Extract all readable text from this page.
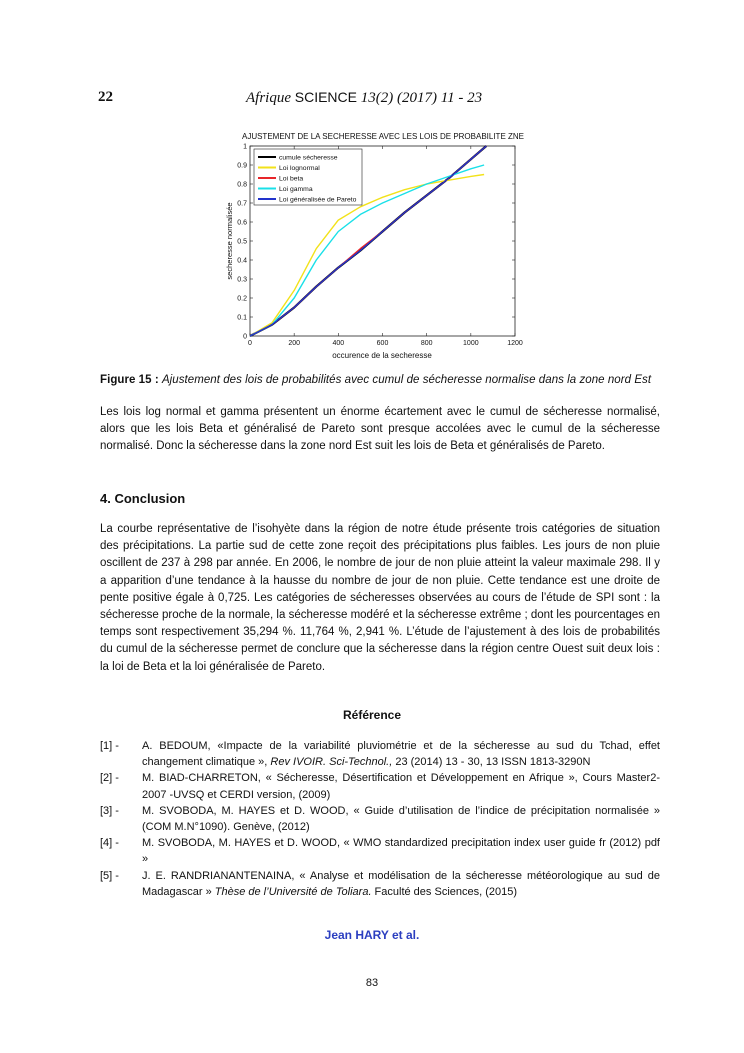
22	Afrique SCIENCE 13(2) (2017) 11 - 23
AJUSTEMENT DE LA SECHERESSE AVEC LES LOIS DE PROBABILITE ZNE
0	200	400	600	800	1000	1200
0
0.1
0.2
0.3
0.4
0.5
0.6
0.7
0.8
0.9
1
cumule sécheresse
Loi lognormal
Loi beta
Loi gamma
Loi généralisée de Pareto
occurence de la secheresse
secheresse normalisée
Figure 15 : Ajustement des lois de probabilités avec cumul de sécheresse normalise dans la zone nord Est

Les lois log normal et gamma présentent un énorme écartement avec le cumul de sécheresse normalisé, alors que les lois Beta et généralisé de Pareto sont presque accolées avec le cumul de la sécheresse normalisé. Donc la sécheresse dans la zone nord Est suit les lois de Beta et généralisés de Pareto.

4. Conclusion

La courbe représentative de l’isohyète dans la région de notre étude présente trois catégories de situation des précipitations. La partie sud de cette zone reçoit des précipitations plus faibles. Les jours de non pluie oscillent de 237 à 298 par année. En 2006, le nombre de jour de non pluie atteint la valeur maximale 298. Il y a apparition d’une tendance à la hausse du nombre de jour de non pluie. Cette tendance est une droite de pente positive égale à 0,725. Les catégories de sécheresses observées au cours de l’étude de SPI sont : la sécheresse proche de la normale, la sécheresse modéré et la sécheresse extrême ; dont les pourcentages en temps sont respectivement 35,294 %. 11,764 %, 2,941 %. L’étude de l’ajustement à des lois de probabilités du cumul de la sécheresse permet de conclure que la sécheresse dans la région centre Ouest suit deux lois : la loi de Beta et la loi généralisée de Pareto.

Référence
[1] -	A. BEDOUM, «Impacte de la variabilité pluviométrie et de la sécheresse au sud du Tchad, effet changement climatique », Rev IVOIR. Sci-Technol., 23 (2014) 13 - 30, 13 ISSN 1813-3290N
[2] -	M. BIAD-CHARRETON, « Sécheresse, Désertification et Développement en Afrique », Cours Master2-2007 -UVSQ et CERDI version, (2009)
[3] -	M. SVOBODA, M. HAYES et D. WOOD, « Guide d’utilisation de l’indice de précipitation normalisée » (COM M.N°1090). Genève, (2012)
[4] -	M. SVOBODA, M. HAYES et D. WOOD, « WMO standardized precipitation index user guide fr (2012) pdf »
[5] -	J. E. RANDRIANANTENAINA, « Analyse et modélisation de la sécheresse météorologique au sud de Madagascar » Thèse de l’Université de Toliara. Faculté des Sciences, (2015)
Jean HARY et al.
83
